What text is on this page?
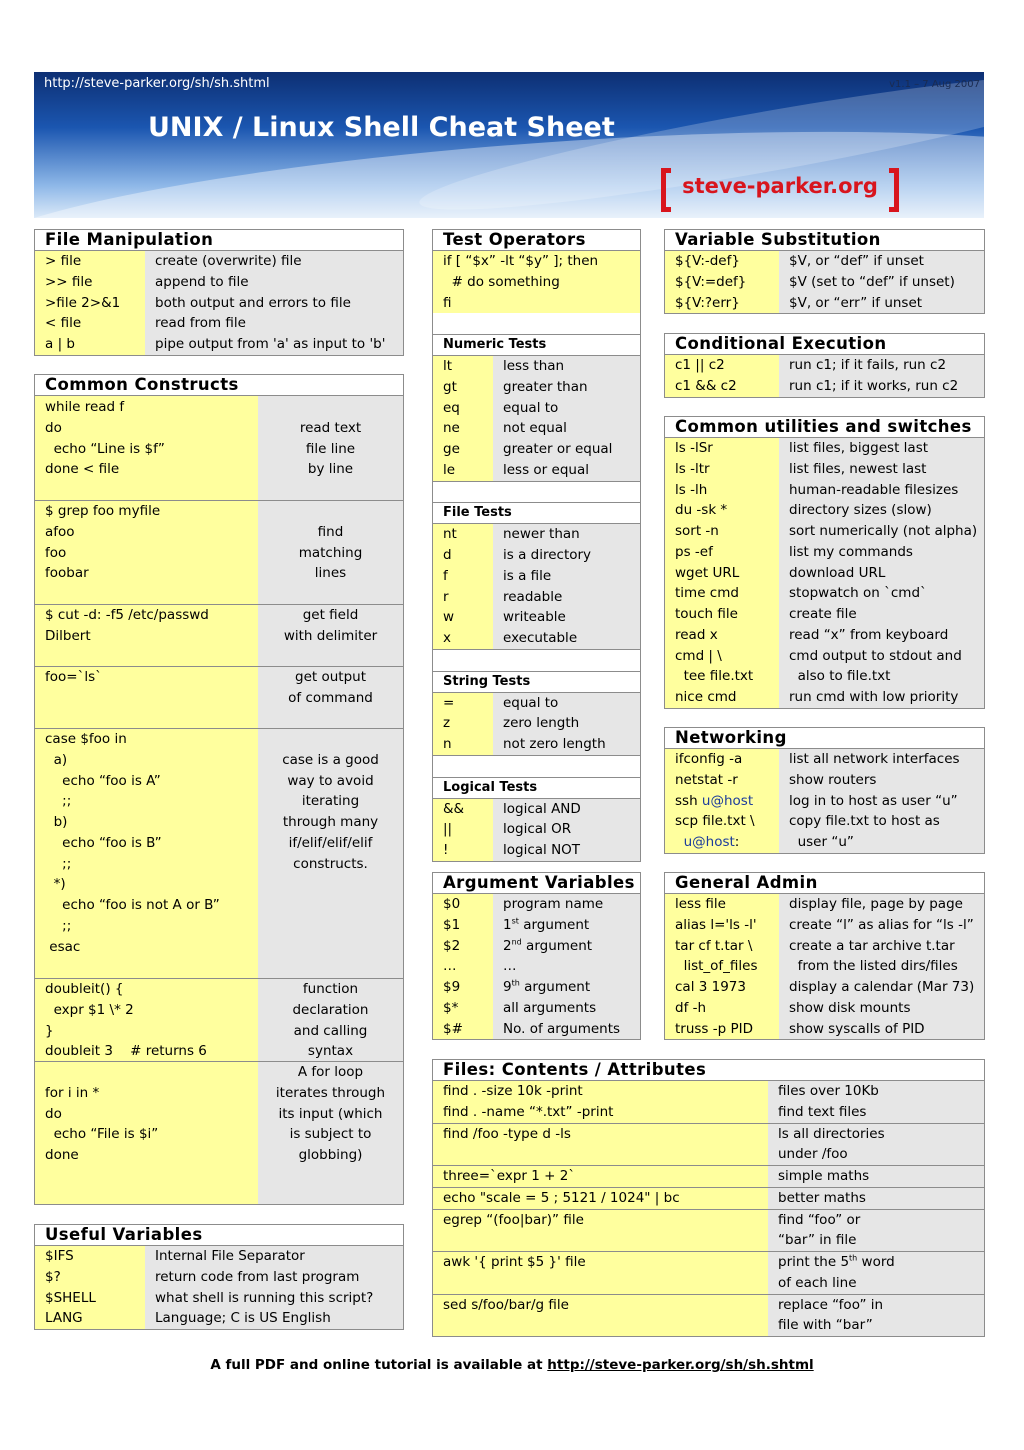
http://steve-parker.org/sh/sh.shtml	v1.1 – 7 Aug 2007
UNIX / Linux Shell Cheat Sheet
steve-parker.org
File Manipulation
> file	create (overwrite) file
>> file	append to file
>file 2>&1	both output and errors to file
< file	read from file
a | b	pipe output from 'a' as input to 'b'
Common Constructs
while read f
do	read text
echo “Line is $f”	file line
done < file	by line
$ grep foo myfile
afoo	find
foo	matching
foobar	lines
$ cut -d: -f5 /etc/passwd	get field
Dilbert	with delimiter
foo=`ls`	get output
of command
case $foo in
a)	case is a good
echo “foo is A”	way to avoid
;;	iterating
b)	through many
echo “foo is B”	if/elif/elif/elif
;;	constructs.
*)
echo “foo is not A or B”
;;
esac
doubleit() {	function
expr $1 \* 2	declaration
}	and calling
doubleit 3    # returns 6	syntax
A for loop
for i in *	iterates through
do	its input (which
echo “File is $i”	is subject to
done	globbing)
Useful Variables
$IFS	Internal File Separator
$?	return code from last program
$SHELL	what shell is running this script?
LANG	Language; C is US English
Test Operators
if [ “$x” -lt “$y” ]; then
# do something
fi
Numeric Tests
lt	less than
gt	greater than
eq	equal to
ne	not equal
ge	greater or equal
le	less or equal
File Tests
nt	newer than
d	is a directory
f	is a file
r	readable
w	writeable
x	executable
String Tests
=	equal to
z	zero length
n	not zero length
Logical Tests
&&	logical AND
||	logical OR
!	logical NOT
Argument Variables
$0	program name
$1	1st argument
$2	2nd argument
…	…
$9	9th argument
$*	all arguments
$#	No. of arguments
Variable Substitution
${V:-def}	$V, or “def” if unset
${V:=def}	$V (set to “def” if unset)
${V:?err}	$V, or “err” if unset
Conditional Execution
c1 || c2	run c1; if it fails, run c2
c1 && c2	run c1; if it works, run c2
Common utilities and switches
ls -lSr	list files, biggest last
ls -ltr	list files, newest last
ls -lh	human-readable filesizes
du -sk *	directory sizes (slow)
sort -n	sort numerically (not alpha)
ps -ef	list my commands
wget URL	download URL
time cmd	stopwatch on `cmd`
touch file	create file
read x	read “x” from keyboard
cmd | \	cmd output to stdout and
tee file.txt	also to file.txt
nice cmd	run cmd with low priority
Networking
ifconfig -a	list all network interfaces
netstat -r	show routers
ssh u@host	log in to host as user “u”
scp file.txt \	copy file.txt to host as
u@host:	user “u”
General Admin
less file	display file, page by page
alias l='ls -l'	create “l” as alias for “ls -l”
tar cf t.tar \	create a tar archive t.tar
list_of_files	from the listed dirs/files
cal 3 1973	display a calendar (Mar 73)
df -h	show disk mounts
truss -p PID	show syscalls of PID
Files: Contents / Attributes
find . -size 10k -print	files over 10Kb
find . -name “*.txt” -print	find text files
find /foo -type d -ls	ls all directories
under /foo
three=`expr 1 + 2`	simple maths
echo "scale = 5 ; 5121 / 1024" | bc	better maths
egrep “(foo|bar)” file	find “foo” or
“bar” in file
awk '{ print $5 }' file	print the 5th word
of each line
sed s/foo/bar/g file	replace “foo” in
file with “bar”
A full PDF and online tutorial is available at http://steve-parker.org/sh/sh.shtml
